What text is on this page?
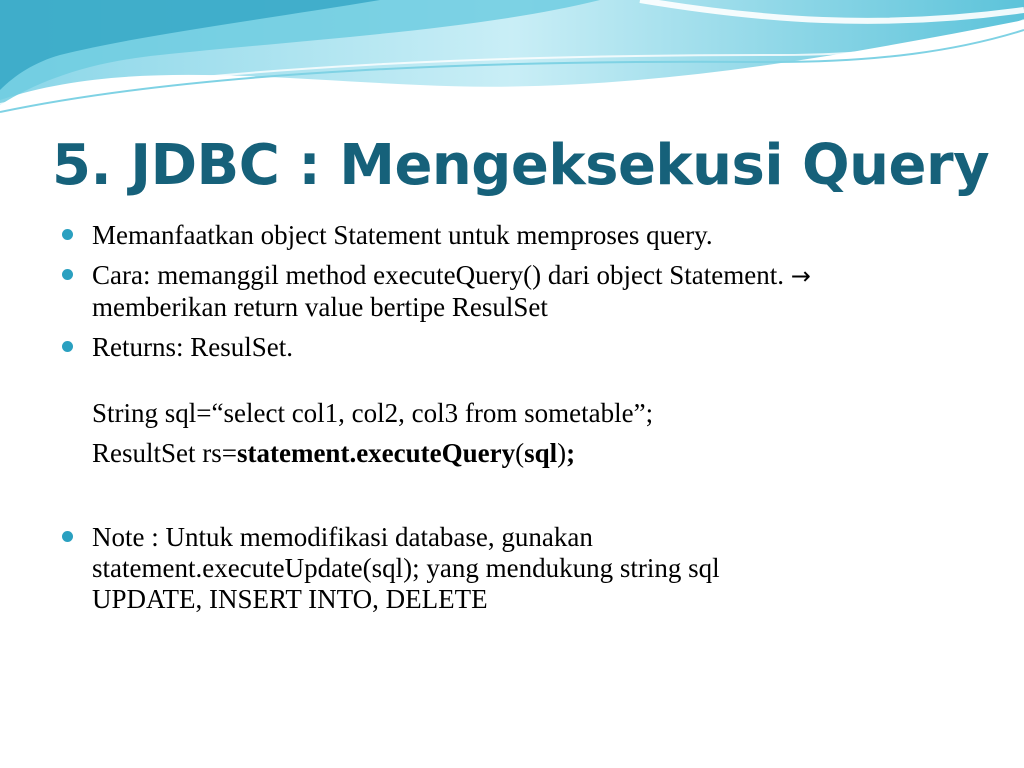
5. JDBC : Mengeksekusi Query
Memanfaatkan object Statement untuk memproses query.
Cara: memanggil method executeQuery() dari object Statement. →
memberikan return value bertipe ResulSet
Returns: ResulSet.
String sql=“select col1, col2, col3 from sometable”;
ResultSet rs=statement.executeQuery(sql);
Note : Untuk memodifikasi database, gunakan
statement.executeUpdate(sql); yang mendukung string sql
UPDATE, INSERT INTO, DELETE
